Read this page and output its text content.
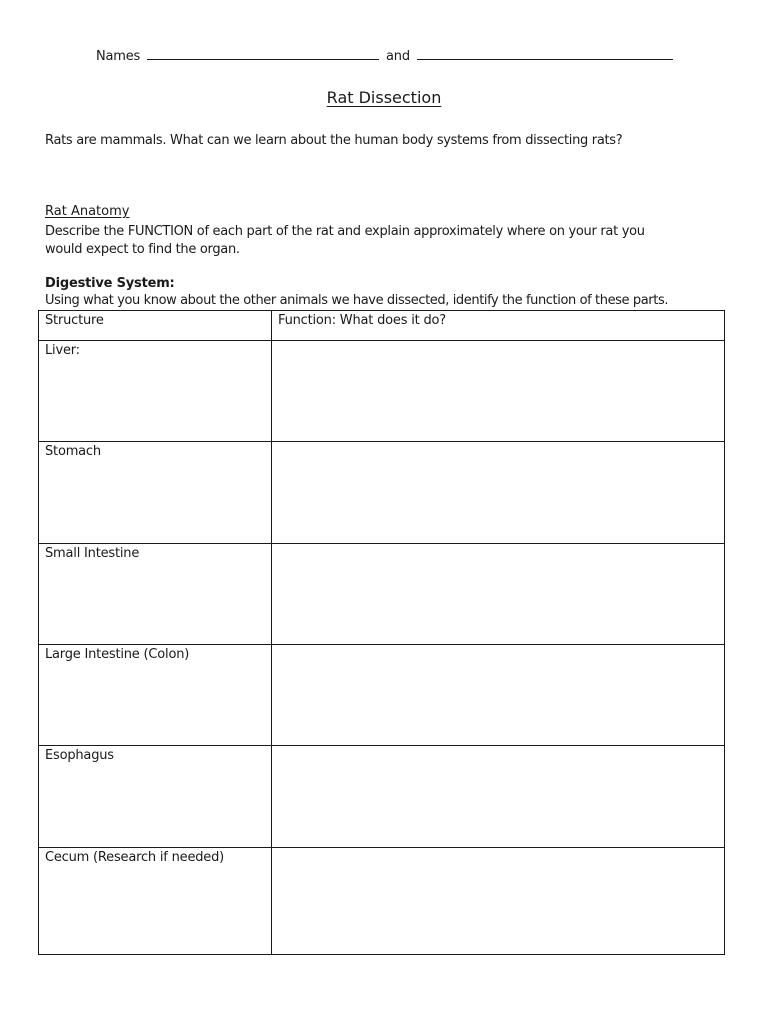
Names	and
Rat Dissection
Rats are mammals. What can we learn about the human body systems from dissecting rats?
Rat Anatomy
Describe the FUNCTION of each part of the rat and explain approximately where on your rat you
would expect to find the organ.
Digestive System:
Using what you know about the other animals we have dissected, identify the function of these parts.
Structure	Function: What does it do?
Liver:	
Stomach	
Small Intestine	
Large Intestine (Colon)	
Esophagus	
Cecum (Research if needed)	
